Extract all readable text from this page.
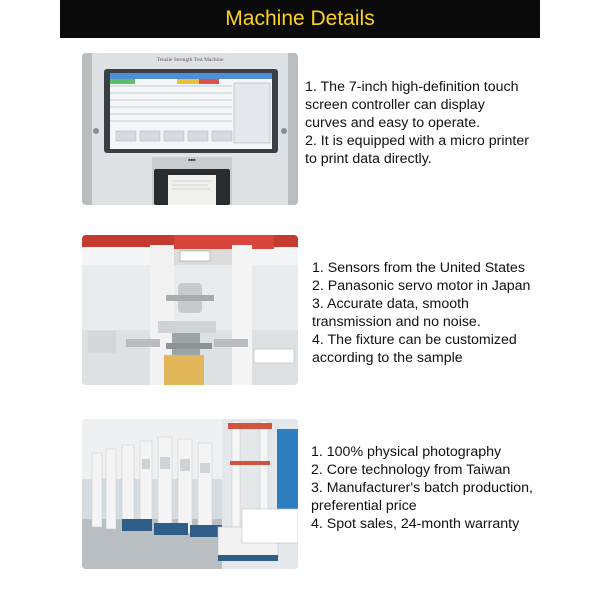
Machine Details
Tensile Strength Test Machine
■■■
1. The 7-inch high-definition touch
screen controller can display
curves and easy to operate.
2. It is equipped with a micro printer
to print data directly.
1. Sensors from the United States
2. Panasonic servo motor in Japan
3. Accurate data, smooth
transmission and no noise.
4. The fixture can be customized
according to the sample
1. 100% physical photography
2. Core technology from Taiwan
3. Manufacturer's batch production,
preferential price
4. Spot sales, 24-month warranty
